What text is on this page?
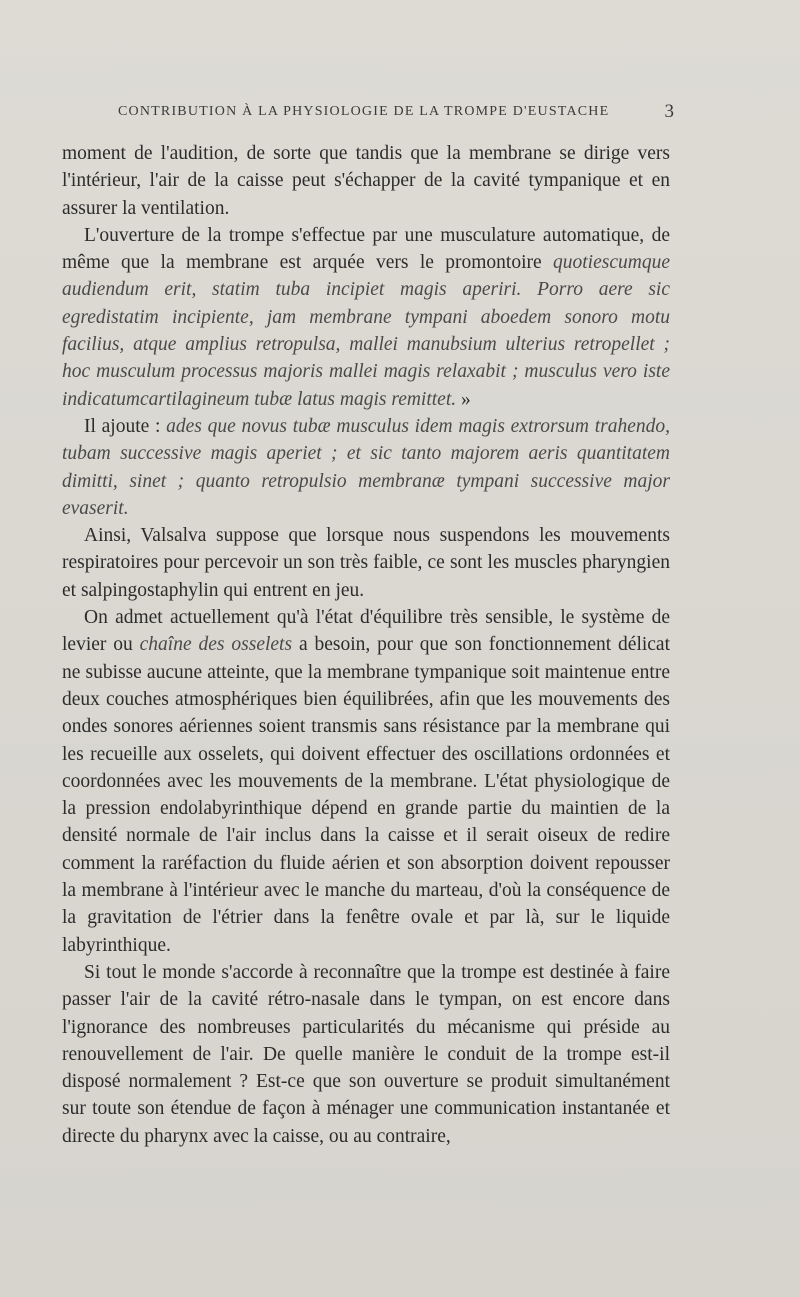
CONTRIBUTION À LA PHYSIOLOGIE DE LA TROMPE D'EUSTACHE	3

moment de l'audition, de sorte que tandis que la membrane se dirige vers l'intérieur, l'air de la caisse peut s'échapper de la cavité tympanique et en assurer la ventilation.

L'ouverture de la trompe s'effectue par une musculature automatique, de même que la membrane est arquée vers le promontoire quotiescumque audiendum erit, statim tuba incipiet magis aperiri. Porro aere sic egredistatim incipiente, jam membrane tympani aboedem sonoro motu facilius, atque amplius retropulsa, mallei manubsium ulterius retropellet ; hoc musculum processus majoris mallei magis relaxabit ; musculus vero iste indicatumcartilagineum tubæ latus magis remittet. »

Il ajoute : ades que novus tubæ musculus idem magis extrorsum trahendo, tubam successive magis aperiet ; et sic tanto majorem aeris quantitatem dimitti, sinet ; quanto retropulsio membranæ tympani successive major evaserit.

Ainsi, Valsalva suppose que lorsque nous suspendons les mouvements respiratoires pour percevoir un son très faible, ce sont les muscles pharyngien et salpingostaphylin qui entrent en jeu.

On admet actuellement qu'à l'état d'équilibre très sensible, le système de levier ou chaîne des osselets a besoin, pour que son fonctionnement délicat ne subisse aucune atteinte, que la membrane tympanique soit maintenue entre deux couches atmosphériques bien équilibrées, afin que les mouvements des ondes sonores aériennes soient transmis sans résistance par la membrane qui les recueille aux osselets, qui doivent effectuer des oscillations ordonnées et coordonnées avec les mouvements de la membrane. L'état physiologique de la pression endolabyrinthique dépend en grande partie du maintien de la densité normale de l'air inclus dans la caisse et il serait oiseux de redire comment la raréfaction du fluide aérien et son absorption doivent repousser la membrane à l'intérieur avec le manche du marteau, d'où la conséquence de la gravitation de l'étrier dans la fenêtre ovale et par là, sur le liquide labyrinthique.

Si tout le monde s'accorde à reconnaître que la trompe est destinée à faire passer l'air de la cavité rétro-nasale dans le tympan, on est encore dans l'ignorance des nombreuses particularités du mécanisme qui préside au renouvellement de l'air. De quelle manière le conduit de la trompe est-il disposé normalement ? Est-ce que son ouverture se produit simultanément sur toute son étendue de façon à ménager une communication instantanée et directe du pharynx avec la caisse, ou au contraire,
